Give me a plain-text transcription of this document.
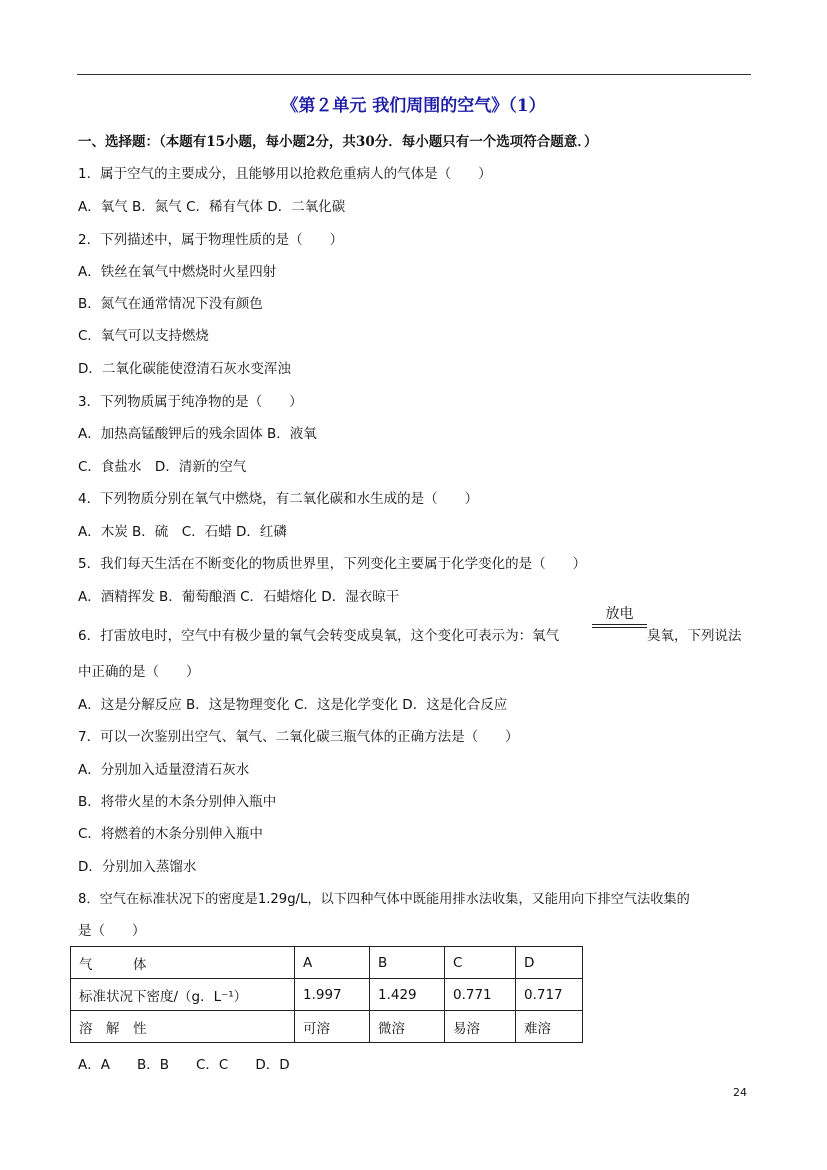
《第２单元 我们周围的空气》（1）
一、选择题：（本题有15小题，每小题2分，共30分．每小题只有一个选项符合题意．）
1．属于空气的主要成分，且能够用以抢救危重病人的气体是（　　）
A．氧气 B．氮气 C．稀有气体 D．二氧化碳
2．下列描述中，属于物理性质的是（　　）
A．铁丝在氧气中燃烧时火星四射
B．氮气在通常情况下没有颜色
C．氧气可以支持燃烧
D．二氧化碳能使澄清石灰水变浑浊
3．下列物质属于纯净物的是（　　）
A．加热高锰酸钾后的残余固体 B．液氧
C．食盐水　D．清新的空气
4．下列物质分别在氧气中燃烧，有二氧化碳和水生成的是（　　）
A．木炭 B．硫　C．石蜡 D．红磷
5．我们每天生活在不断变化的物质世界里，下列变化主要属于化学变化的是（　　）
A．酒精挥发 B．葡萄酿酒 C．石蜡熔化 D．湿衣晾干
6．打雷放电时，空气中有极少量的氧气会转变成臭氧，这个变化可表示为：氧气
放电
臭氧，下列说法
中正确的是（　　）
A．这是分解反应 B．这是物理变化 C．这是化学变化 D．这是化合反应
7．可以一次鉴别出空气、氧气、二氧化碳三瓶气体的正确方法是（　　）
A．分别加入适量澄清石灰水
B．将带火星的木条分别伸入瓶中
C．将燃着的木条分别伸入瓶中
D．分别加入蒸馏水
8．空气在标准状况下的密度是1.29g/L，以下四种气体中既能用排水法收集，又能用向下排空气法收集的
是（　　）
气　　　体	A	B	C	D
标准状况下密度/（g．L⁻¹）	1.997	1.429	0.771	0.717
溶　解　性	可溶	微溶	易溶	难溶
A．A　　B．B　　C．C　　D．D
24
